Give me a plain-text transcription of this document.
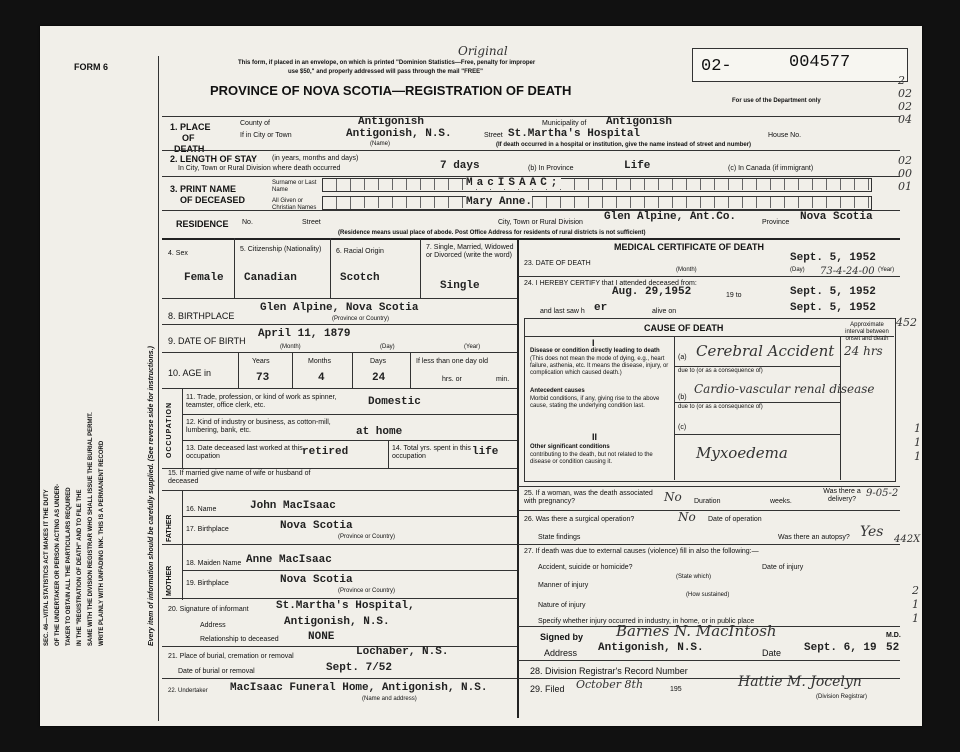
FORM 6	This form, if placed in an envelope, on which is printed "Dominion Statistics—Free, penalty for improper
use $50," and properly addressed will pass through the mail "FREE"
Original
PROVINCE OF NOVA SCOTIA—REGISTRATION OF DEATH
02-	004577
For use of the Department only
SEC. 46—VITAL STATISTICS ACT MAKES IT THE DUTY OF THE UNDERTAKER OR PERSON ACTING AS UNDER- TAKER TO OBTAIN ALL THE PARTICULARS REQUIRED IN THE "REGISTRATION OF DEATH" AND TO FILE THE SAME WITH THE DIVISION REGISTRAR WHO SHALL ISSUE THE BURIAL PERMIT. WRITE PLAINLY WITH UNFADING INK. THIS IS A PERMANENT RECORD	Every item of information should be carefully supplied. (See reverse side for instructions.)
2
02
02
04
02
00
01
1. PLACE
OF
DEATH
County of	Antigonish	Municipality of Antigonish
If in City or Town	Antigonish, N.S.
(Name)
Street St.Martha's Hospital	House No.
(If death occurred in a hospital or institution, give the name instead of street and number)
2. LENGTH OF STAY (in years, months and days)
In City, Town or Rural Division where death occurred	7 days	(b) In Province	Life	(c) In Canada (if immigrant)
3. PRINT NAME
OF DECEASED
Surname or Last Name
All Given or Christian Names
MacISAAC;
Mary Anne.
RESIDENCE No.	Street	City, Town or Rural Division Glen Alpine, Ant.Co.	Province Nova Scotia
(Residence means usual place of abode. Post Office Address for residents of rural districts is not sufficient)
4. Sex
Female
5. Citizenship (Nationality)
Canadian
6. Racial Origin
Scotch
7. Single, Married, Widowed or Divorced (write the word)
Single
8. BIRTHPLACE
Glen Alpine, Nova Scotia
(Province or Country)
9. DATE OF BIRTH
April 11, 1879
(Month)	(Day)	(Year)
10. AGE in
Years	Months	Days
73	4	24
If less than one day old
hrs. or	min.
OCCUPATION
11. Trade, profession, or kind of work as spinner, teamster, office clerk, etc.	Domestic
12. Kind of industry or business, as cotton-mill, lumbering, bank, etc.	at home
13. Date deceased last worked at this occupation	retired	14. Total yrs. spent in this occupation	life
15. If married give name of wife or husband of deceased
FATHER
MOTHER
16. Name	John MacIsaac
17. Birthplace	Nova Scotia
(Province or Country)
18. Maiden Name Anne MacIsaac
19. Birthplace	Nova Scotia
(Province or Country)
20. Signature of informant St.Martha's Hospital,
Address	Antigonish, N.S.
Relationship to deceased	NONE
21. Place of burial, cremation or removal	Lochaber, N.S.
Date of burial or removal	Sept. 7/52
22. Undertaker MacIsaac Funeral Home, Antigonish, N.S.
(Name and address)
MEDICAL CERTIFICATE OF DEATH
23. DATE OF DEATH	Sept. 5, 1952
(Month)	(Day)	(Year)
73-4-24-00
24. I HEREBY CERTIFY that I attended deceased from:
Aug. 29,1952	19 to	Sept. 5, 1952
and last saw h er	alive on	Sept. 5, 1952
452
CAUSE OF DEATH	Approximate interval between onset and death
I
Disease or condition directly leading to death
(This does not mean the mode of dying, e.g., heart failure, asthenia, etc. It means the disease, injury, or complication which caused death.)
(a) Cerebral Accident 24 hrs
due to (or as a consequence of)
Antecedent causes
Morbid conditions, if any, giving rise to the above cause, stating the underlying condition last.
(b)
Cardio-vascular renal disease
due to (or as a consequence of)
(c)
II
Other significant conditions
contributing to the death, but not related to the disease or condition causing it.	Myxoedema
1
1
1
25. If a woman, was the death associated with pregnancy?	No Duration	weeks.
Was there a delivery?
9-05-2
26. Was there a surgical operation?	No Date of operation
State findings	Was there an autopsy? Yes 442X
27. If death was due to external causes (violence) fill in also the following:—
Accident, suicide or homicide?
(State which)
Date of injury
Manner of injury
(How sustained)
Nature of injury
Specify whether injury occurred in industry, in home, or in public place
2
1
1
Signed by Barnes N. MacIntosh	M.D.
Address Antigonish, N.S.	Date Sept. 6, 19 52
28. Division Registrar's Record Number
29. Filed October 8th	195	Hattie M. Jocelyn
(Division Registrar)
